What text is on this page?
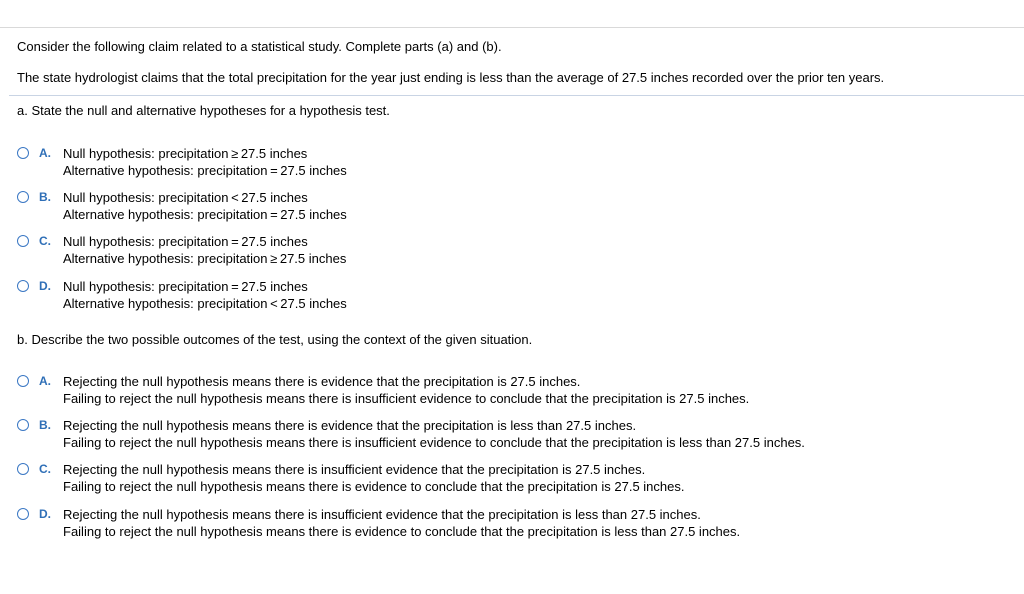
Consider the following claim related to a statistical study. Complete parts (a) and (b).
The state hydrologist claims that the total precipitation for the year just ending is less than the average of 27.5 inches recorded over the prior ten years.
a. State the null and alternative hypotheses for a hypothesis test.
A. Null hypothesis: precipitation ≥ 27.5 inches
Alternative hypothesis: precipitation = 27.5 inches
B. Null hypothesis: precipitation < 27.5 inches
Alternative hypothesis: precipitation = 27.5 inches
C. Null hypothesis: precipitation = 27.5 inches
Alternative hypothesis: precipitation ≥ 27.5 inches
D. Null hypothesis: precipitation = 27.5 inches
Alternative hypothesis: precipitation < 27.5 inches
b. Describe the two possible outcomes of the test, using the context of the given situation.
A. Rejecting the null hypothesis means there is evidence that the precipitation is 27.5 inches.
Failing to reject the null hypothesis means there is insufficient evidence to conclude that the precipitation is 27.5 inches.
B. Rejecting the null hypothesis means there is evidence that the precipitation is less than 27.5 inches.
Failing to reject the null hypothesis means there is insufficient evidence to conclude that the precipitation is less than 27.5 inches.
C. Rejecting the null hypothesis means there is insufficient evidence that the precipitation is 27.5 inches.
Failing to reject the null hypothesis means there is evidence to conclude that the precipitation is 27.5 inches.
D. Rejecting the null hypothesis means there is insufficient evidence that the precipitation is less than 27.5 inches.
Failing to reject the null hypothesis means there is evidence to conclude that the precipitation is less than 27.5 inches.
